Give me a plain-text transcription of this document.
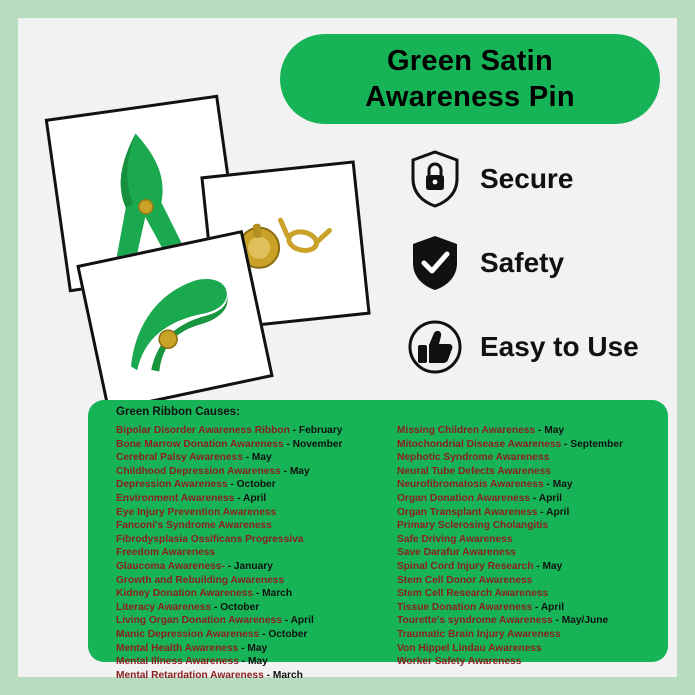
Green Satin
Awareness Pin
Secure
Safety
Easy to Use
Green Ribbon Causes:
Bipolar Disorder Awareness Ribbon - February
Bone Marrow Donation Awareness - November
Cerebral Palsy Awareness - May
Childhood Depression Awareness - May
Depression Awareness - October
Environment Awareness - April
Eye Injury Prevention Awareness
Fanconi's Syndrome Awareness
Fibrodysplasia Ossificans Progressiva
Freedom Awareness
Glaucoma Awareness- - January
Growth and Rebuilding Awareness
Kidney Donation Awareness - March
Literacy Awareness - October
Living Organ Donation Awareness - April
Manic Depression Awareness - October
Mental Health Awareness - May
Mental Illness Awareness - May
Mental Retardation Awareness - March
Missing Children Awareness - May
Mitochondrial Disease Awareness - September
Nephotic Syndrome Awareness
Neural Tube Defects Awareness
Neurofibromatosis Awareness - May
Organ Donation Awareness - April
Organ Transplant Awareness - April
Primary Sclerosing Cholangitis
Safe Driving Awareness
Save Darafur Awareness
Spinal Cord Injury Research - May
Stem Cell Donor Awareness
Stem Cell Research Awareness
Tissue Donation Awareness - April
Tourette's syndrome Awareness - May/June
Traumatic Brain Injury Awareness
Von Hippel Lindau Awareness
Worker Safety Awareness
